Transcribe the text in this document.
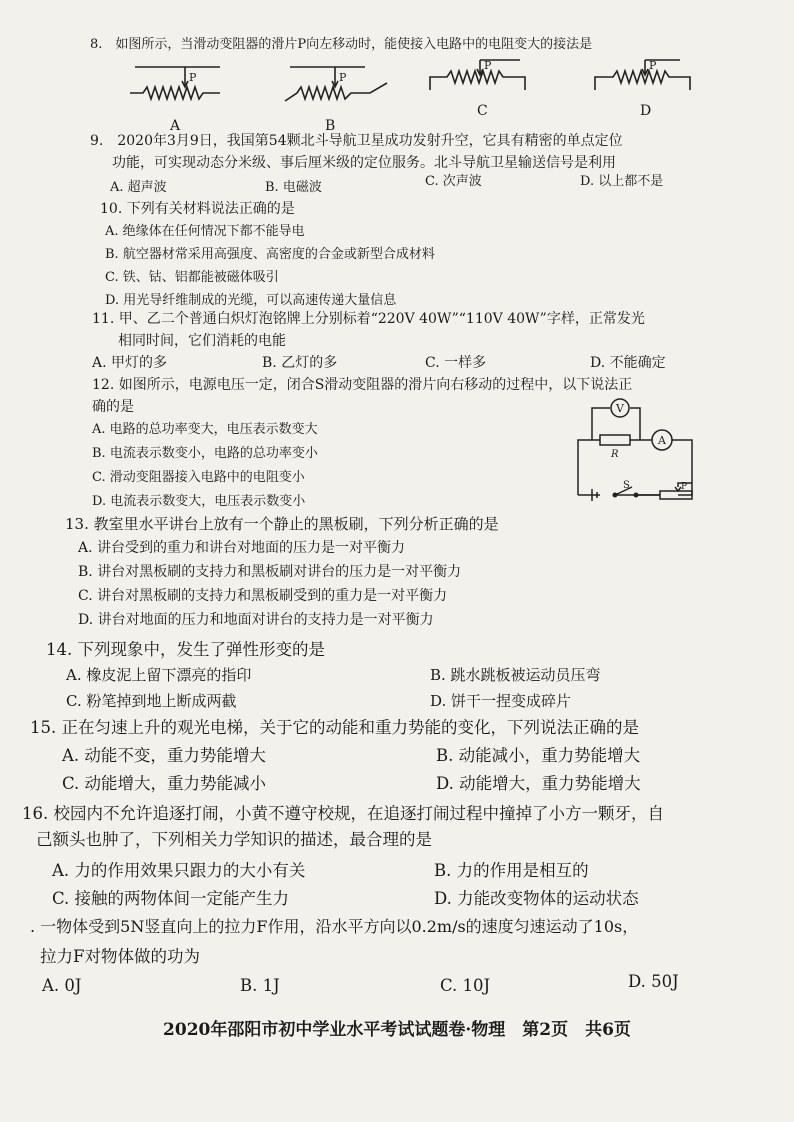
8.　如图所示，当滑动变阻器的滑片P向左移动时，能使接入电路中的电阻变大的接法是
P	P
P	P
A	B
C	D
9.　2020年3月9日，我国第54颗北斗导航卫星成功发射升空，它具有精密的单点定位
功能，可实现动态分米级、事后厘米级的定位服务。北斗导航卫星输送信号是利用
A. 超声波	B. 电磁波	C. 次声波	D. 以上都不是
10. 下列有关材料说法正确的是
A. 绝缘体在任何情况下都不能导电
B. 航空器材常采用高强度、高密度的合金或新型合成材料
C. 铁、钴、铝都能被磁体吸引
D. 用光导纤维制成的光缆，可以高速传递大量信息
11. 甲、乙二个普通白炽灯泡铭牌上分别标着“220V 40W”“110V 40W”字样，正常发光
相同时间，它们消耗的电能
A. 甲灯的多	B. 乙灯的多	C. 一样多	D. 不能确定
12. 如图所示，电源电压一定，闭合S滑动变阻器的滑片向右移动的过程中，以下说法正
确的是
A. 电路的总功率变大，电压表示数变大
B. 电流表示数变小，电路的总功率变小
C. 滑动变阻器接入电路中的电阻变小
D. 电流表示数变大，电压表示数变小
V
A
R
S	P
13. 教室里水平讲台上放有一个静止的黑板刷，下列分析正确的是
A. 讲台受到的重力和讲台对地面的压力是一对平衡力
B. 讲台对黑板刷的支持力和黑板刷对讲台的压力是一对平衡力
C. 讲台对黑板刷的支持力和黑板刷受到的重力是一对平衡力
D. 讲台对地面的压力和地面对讲台的支持力是一对平衡力
14. 下列现象中，发生了弹性形变的是
A. 橡皮泥上留下漂亮的指印	B. 跳水跳板被运动员压弯
C. 粉笔掉到地上断成两截	D. 饼干一捏变成碎片
15. 正在匀速上升的观光电梯，关于它的动能和重力势能的变化，下列说法正确的是
A. 动能不变，重力势能增大	B. 动能减小，重力势能增大
C. 动能增大，重力势能减小	D. 动能增大，重力势能增大
16. 校园内不允许追逐打闹，小黄不遵守校规，在追逐打闹过程中撞掉了小方一颗牙，自
己额头也肿了，下列相关力学知识的描述，最合理的是
A. 力的作用效果只跟力的大小有关	B. 力的作用是相互的
C. 接触的两物体间一定能产生力	D. 力能改变物体的运动状态
. 一物体受到5N竖直向上的拉力F作用，沿水平方向以0.2m/s的速度匀速运动了10s，
拉力F对物体做的功为
A. 0J	B. 1J	C. 10J	D. 50J
2020年邵阳市初中学业水平考试试题卷·物理　第2页　共6页
